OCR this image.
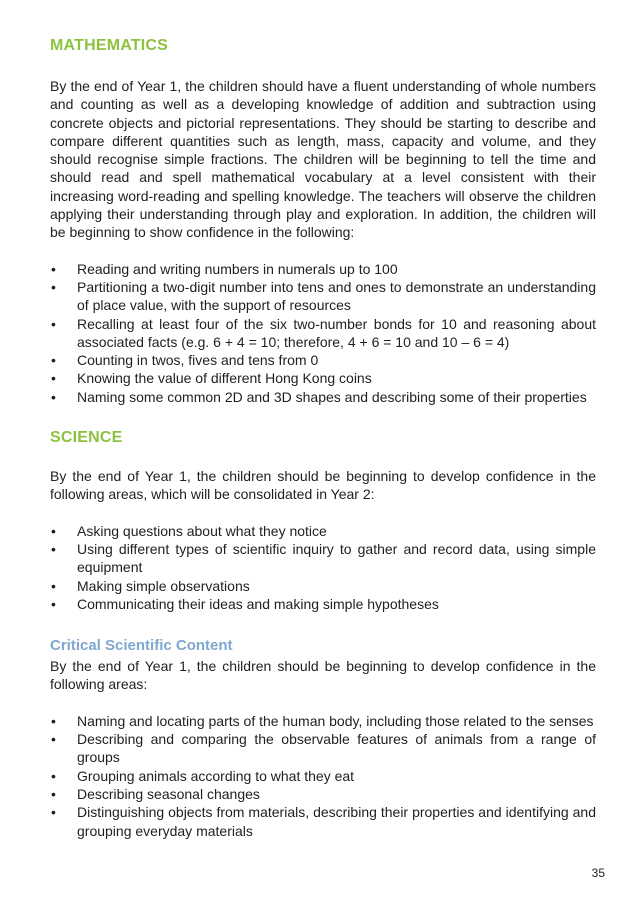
MATHEMATICS

By the end of Year 1, the children should have a fluent understanding of whole numbers and counting as well as a developing knowledge of addition and subtraction using concrete objects and pictorial representations. They should be starting to describe and compare different quantities such as length, mass, capacity and volume, and they should recognise simple fractions. The children will be beginning to tell the time and should read and spell mathematical vocabulary at a level consistent with their increasing word-reading and spelling knowledge. The teachers will observe the children applying their understanding through play and exploration. In addition, the children will be beginning to show confidence in the following:

• Reading and writing numbers in numerals up to 100
• Partitioning a two-digit number into tens and ones to demonstrate an understanding of place value, with the support of resources
• Recalling at least four of the six two-number bonds for 10 and reasoning about associated facts (e.g. 6 + 4 = 10; therefore, 4 + 6 = 10 and 10 – 6 = 4)
• Counting in twos, fives and tens from 0
• Knowing the value of different Hong Kong coins
• Naming some common 2D and 3D shapes and describing some of their properties
SCIENCE

By the end of Year 1, the children should be beginning to develop confidence in the following areas, which will be consolidated in Year 2:

• Asking questions about what they notice
• Using different types of scientific inquiry to gather and record data, using simple equipment
• Making simple observations
• Communicating their ideas and making simple hypotheses
Critical Scientific Content

By the end of Year 1, the children should be beginning to develop confidence in the following areas:

• Naming and locating parts of the human body, including those related to the senses
• Describing and comparing the observable features of animals from a range of groups
• Grouping animals according to what they eat
• Describing seasonal changes
• Distinguishing objects from materials, describing their properties and identifying and grouping everyday materials
35
